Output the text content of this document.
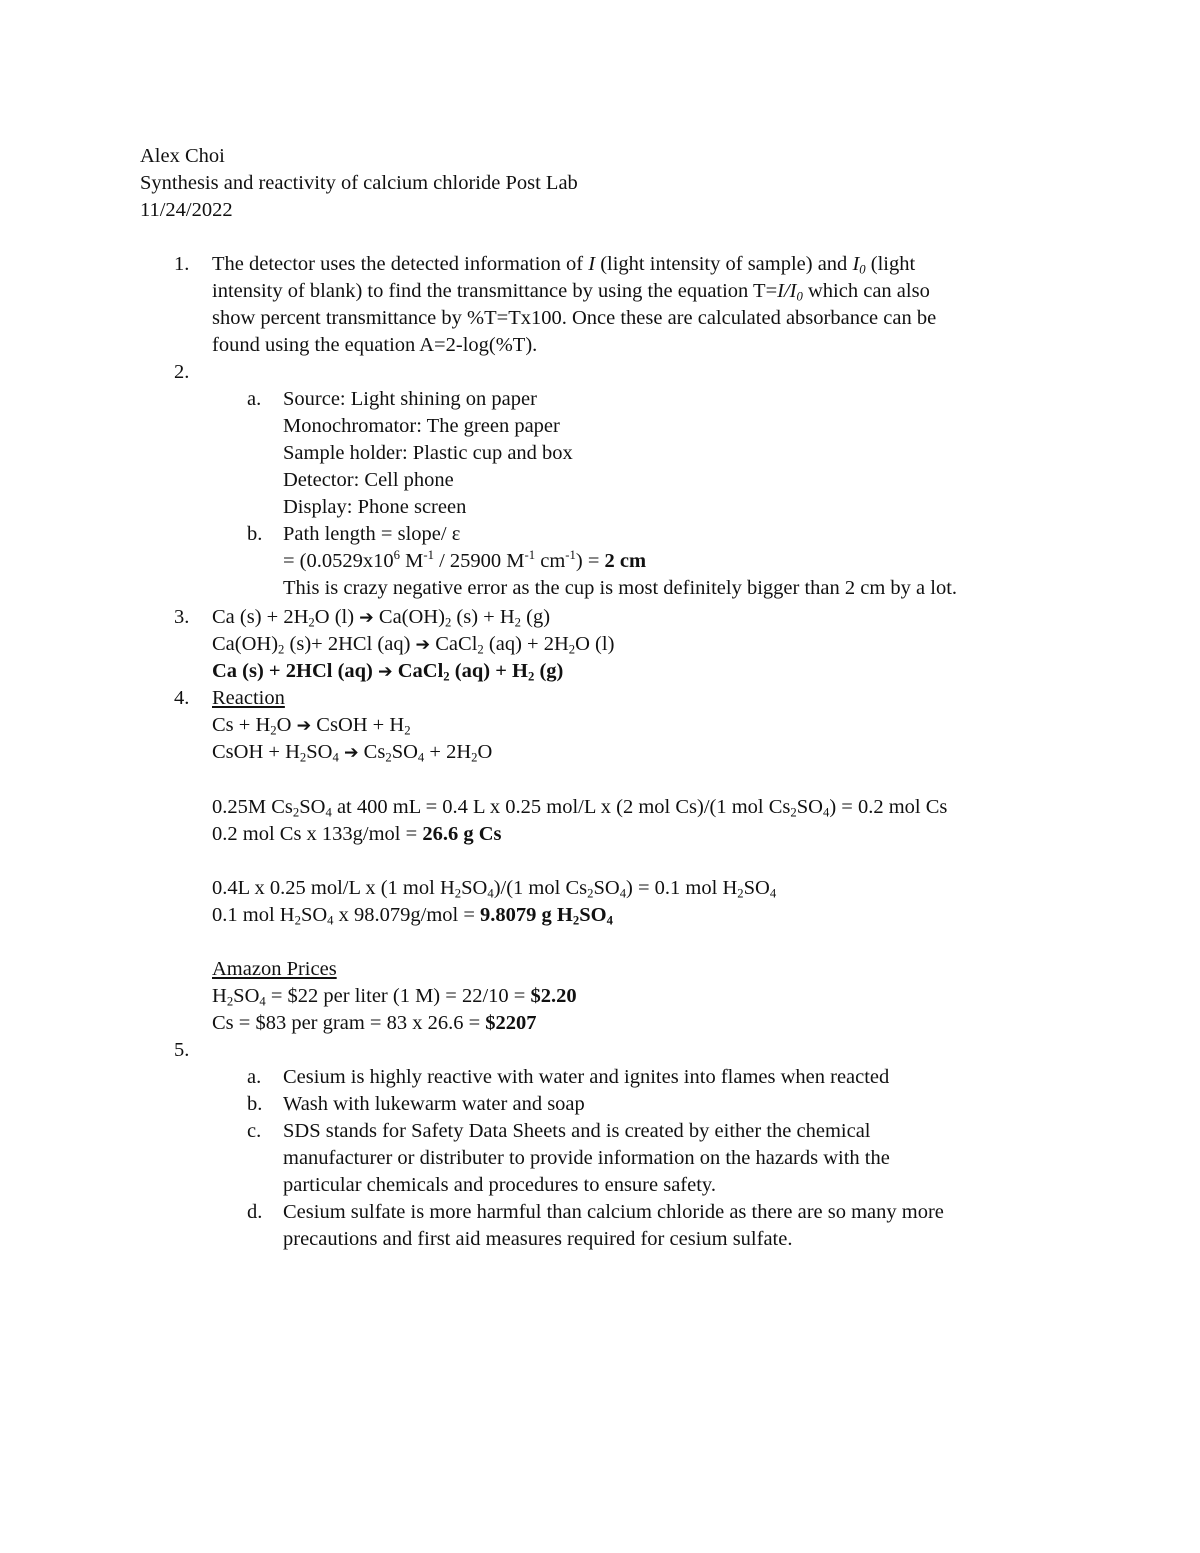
Alex Choi
Synthesis and reactivity of calcium chloride Post Lab
11/24/2022
1. The detector uses the detected information of I (light intensity of sample) and $I_0$ (light
intensity of blank) to find the transmittance by using the equation $T=I/I_0$ which can also
show percent transmittance by %T=Tx100. Once these are calculated absorbance can be
found using the equation A=2-log(%T).
2.
a. Source: Light shining on paper
Monochromator: The green paper
Sample holder: Plastic cup and box
Detector: Cell phone
Display: Phone screen
b. Path length = slope/ ε
= ($0.0529x10^6$ $M^{-1} / 25900$ $M^{-1}$ $cm^{-1}) = 2$ cm
This is crazy negative error as the cup is most definitely bigger than 2 cm by a lot.
3. Ca $(s) + 2H_2O$ (l) ➔ $Ca(OH)_2$ $(s) + H_2$ (g)
$Ca(OH)_2$ (s)+ 2HCl (aq) ➔ CaCl$_2$ $(aq) + 2H_2O$ (l)
Ca (s) + 2HCl (aq) ➔ CaCl$_2$ $(aq) + H_2$ (g)
4. Reaction
$Cs + H_2O$ ➔ CsOH + $H_2$
CsOH + $H_2SO_4$ ➔ $Cs_2SO_4 + 2H_2O$
0.25M $Cs_2SO_4$ at 400 mL = 0.4 L x 0.25 mol/L x (2 mol Cs)/(1 mol $Cs_2SO_4) = 0.2$ mol Cs
0.2 mol Cs x 133g/mol = 26.6 g Cs
0.4L x 0.25 mol/L x (1 mol $H_2SO_4)/(1$ mol $Cs_2SO_4) = 0.1$ mol $H_2SO_4$
0.1 mol $H_2SO_4$ x 98.079g/mol = 9.8079 g $H_2SO_4$
Amazon Prices
$H_2SO_4$ = $22 per liter (1 M) = 22/10 = $2.20
Cs = $83 per gram = 83 x 26.6 = $2207
5.
a. Cesium is highly reactive with water and ignites into flames when reacted
b. Wash with lukewarm water and soap
c. SDS stands for Safety Data Sheets and is created by either the chemical
manufacturer or distributer to provide information on the hazards with the
particular chemicals and procedures to ensure safety.
d. Cesium sulfate is more harmful than calcium chloride as there are so many more
precautions and first aid measures required for cesium sulfate.
